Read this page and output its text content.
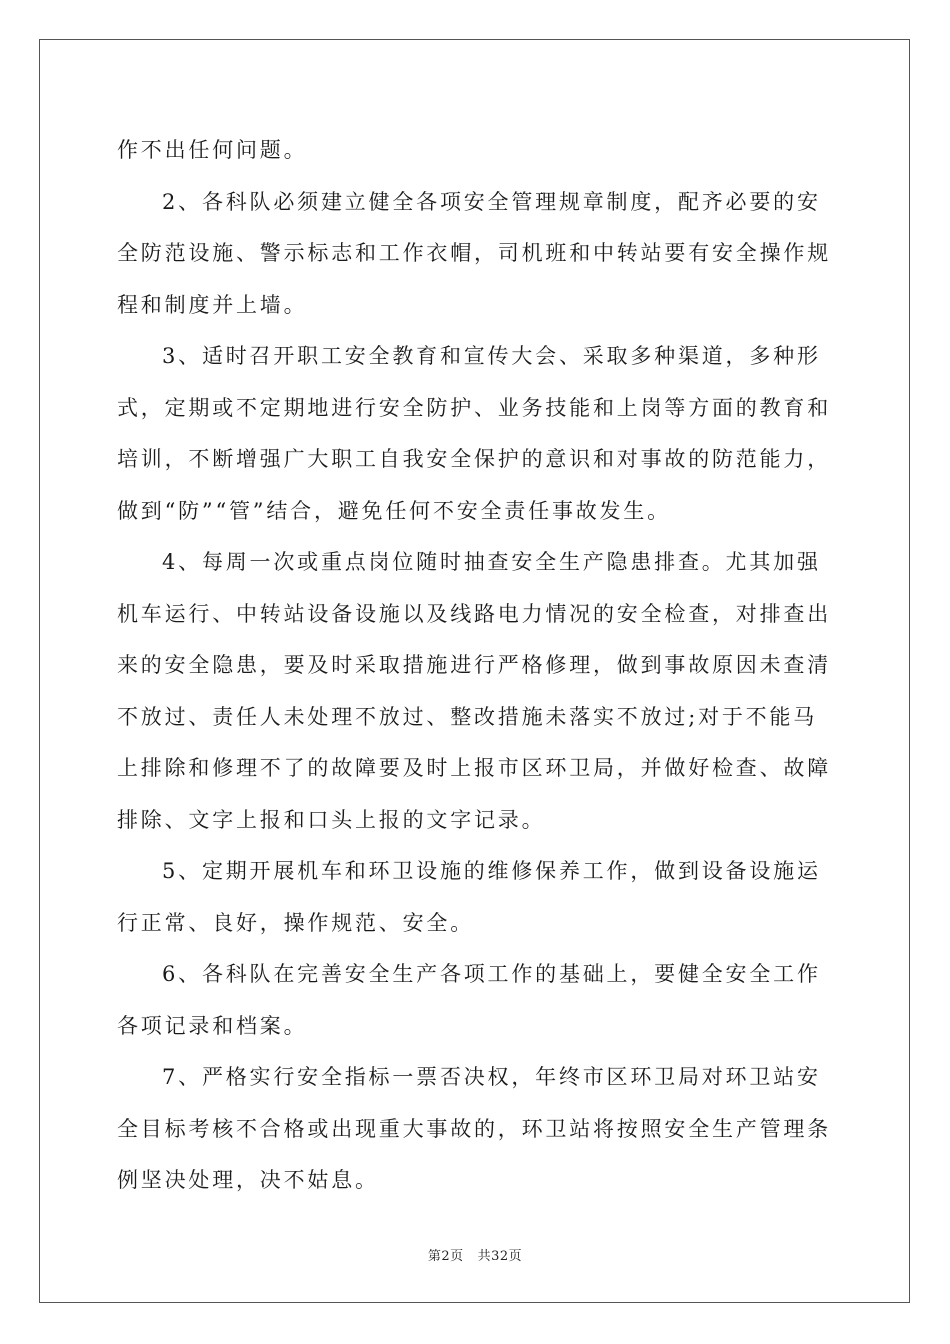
作不出任何问题。
2、各科队必须建立健全各项安全管理规章制度，配齐必要的安
全防范设施、警示标志和工作衣帽，司机班和中转站要有安全操作规
程和制度并上墙。
3、适时召开职工安全教育和宣传大会、采取多种渠道，多种形
式，定期或不定期地进行安全防护、业务技能和上岗等方面的教育和
培训，不断增强广大职工自我安全保护的意识和对事故的防范能力，
做到“防”“管”结合，避免任何不安全责任事故发生。
4、每周一次或重点岗位随时抽查安全生产隐患排查。尤其加强
机车运行、中转站设备设施以及线路电力情况的安全检查，对排查出
来的安全隐患，要及时采取措施进行严格修理，做到事故原因未查清
不放过、责任人未处理不放过、整改措施未落实不放过;对于不能马
上排除和修理不了的故障要及时上报市区环卫局，并做好检查、故障
排除、文字上报和口头上报的文字记录。
5、定期开展机车和环卫设施的维修保养工作，做到设备设施运
行正常、良好，操作规范、安全。
6、各科队在完善安全生产各项工作的基础上，要健全安全工作
各项记录和档案。
7、严格实行安全指标一票否决权，年终市区环卫局对环卫站安
全目标考核不合格或出现重大事故的，环卫站将按照安全生产管理条
例坚决处理，决不姑息。
第2页 共32页
